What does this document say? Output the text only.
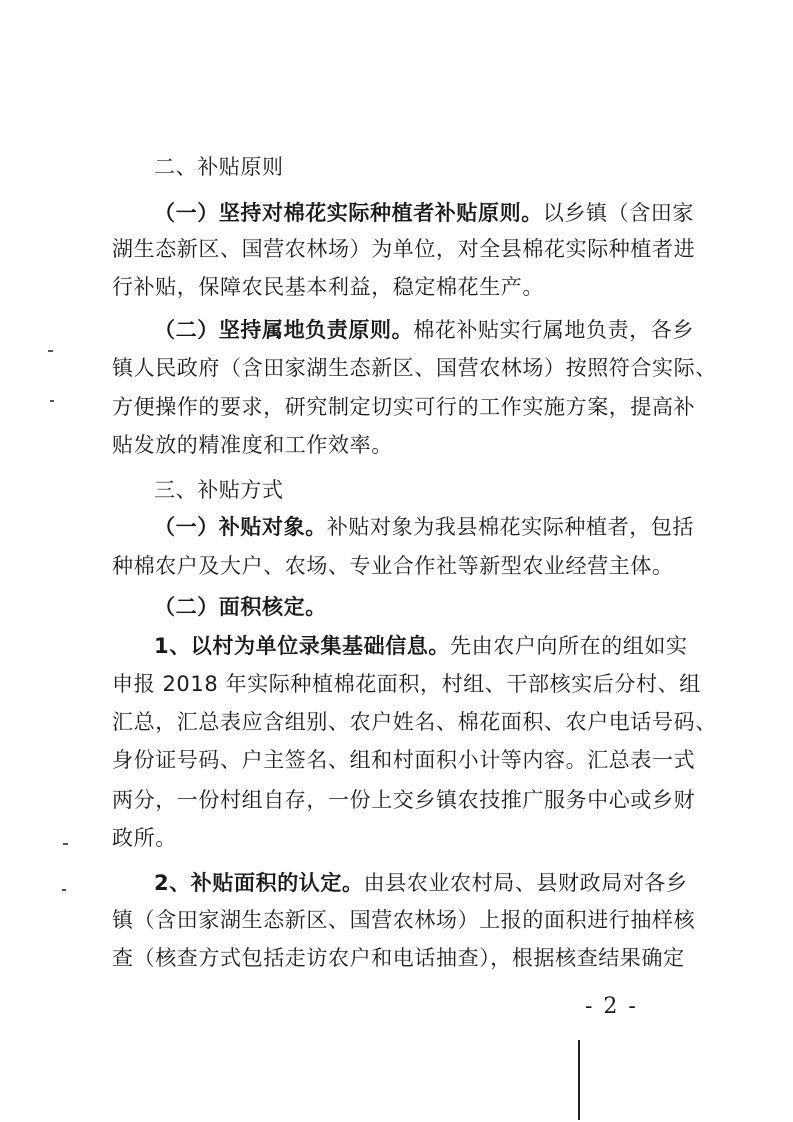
二、补贴原则
（一）坚持对棉花实际种植者补贴原则。以乡镇（含田家
湖生态新区、国营农林场）为单位，对全县棉花实际种植者进
行补贴，保障农民基本利益，稳定棉花生产。
（二）坚持属地负责原则。棉花补贴实行属地负责，各乡
镇人民政府（含田家湖生态新区、国营农林场）按照符合实际、
方便操作的要求，研究制定切实可行的工作实施方案，提高补
贴发放的精准度和工作效率。
三、补贴方式
（一）补贴对象。补贴对象为我县棉花实际种植者，包括
种棉农户及大户、农场、专业合作社等新型农业经营主体。
（二）面积核定。
1、以村为单位录集基础信息。先由农户向所在的组如实
申报 2018 年实际种植棉花面积，村组、干部核实后分村、组
汇总，汇总表应含组别、农户姓名、棉花面积、农户电话号码、
身份证号码、户主签名、组和村面积小计等内容。汇总表一式
两分，一份村组自存，一份上交乡镇农技推广服务中心或乡财
政所。
2、补贴面积的认定。由县农业农村局、县财政局对各乡
镇（含田家湖生态新区、国营农林场）上报的面积进行抽样核
查（核查方式包括走访农户和电话抽查），根据核查结果确定
- 2 -
